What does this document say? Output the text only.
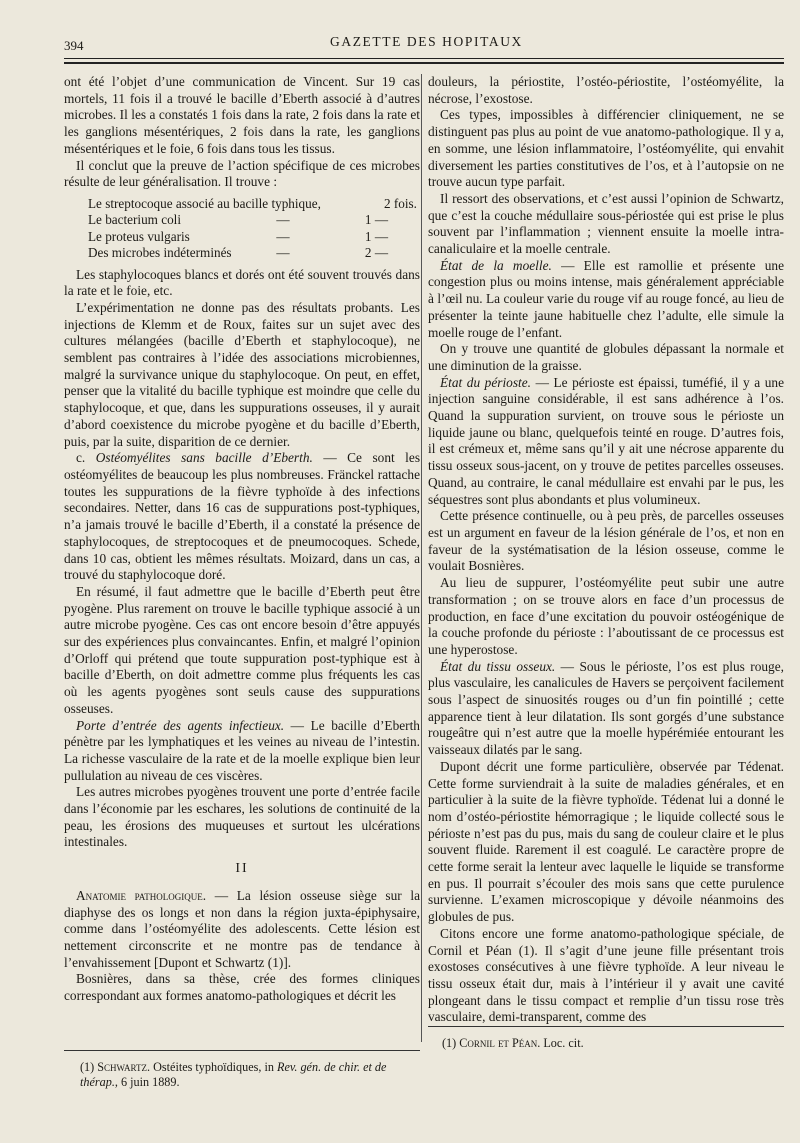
394	GAZETTE DES HOPITAUX

ont été l’objet d’une communication de Vincent. Sur 19 cas mortels, 11 fois il a trouvé le bacille d’Eberth associé à d’autres microbes. Il les a constatés 1 fois dans la rate, 2 fois dans la rate et les ganglions mésentériques, 2 fois dans la rate, les ganglions mésentériques et le foie, 6 fois dans tous les tissus.

Il conclut que la preuve de l’action spécifique de ces microbes résulte de leur généralisation. Il trouve :

Le streptocoque associé au bacille typhique,	2 fois.
Le bacterium coli	—	1 —
Le proteus vulgaris	—	1 —
Des microbes indéterminés	—	2 —

Les staphylocoques blancs et dorés ont été souvent trouvés dans la rate et le foie, etc.

L’expérimentation ne donne pas des résultats probants. Les injections de Klemm et de Roux, faites sur un sujet avec des cultures mélangées (bacille d’Eberth et staphylocoque), ne semblent pas contraires à l’idée des associations microbiennes, malgré la survivance unique du staphylocoque. On peut, en effet, penser que la vitalité du bacille typhique est moindre que celle du staphylocoque, et que, dans les suppurations osseuses, il y aurait d’abord coexistence du microbe pyogène et du bacille d’Eberth, puis, par la suite, disparition de ce dernier.

c. Ostéomyélites sans bacille d’Eberth. — Ce sont les ostéomyélites de beaucoup les plus nombreuses. Fränckel rattache toutes les suppurations de la fièvre typhoïde à des infections secondaires. Netter, dans 16 cas de suppurations post-typhiques, n’a jamais trouvé le bacille d’Eberth, il a constaté la présence de staphylocoques, de streptocoques et de pneumocoques. Schede, dans 10 cas, obtient les mêmes résultats. Moizard, dans un cas, a trouvé du staphylocoque doré.

En résumé, il faut admettre que le bacille d’Eberth peut être pyogène. Plus rarement on trouve le bacille typhique associé à un autre microbe pyogène. Ces cas ont encore besoin d’être appuyés sur des expériences plus convaincantes. Enfin, et malgré l’opinion d’Orloff qui prétend que toute suppuration post-typhique est à bacille d’Eberth, on doit admettre comme plus fréquents les cas où les agents pyogènes sont seuls cause des suppurations osseuses.

Porte d’entrée des agents infectieux. — Le bacille d’Eberth pénètre par les lymphatiques et les veines au niveau de l’intestin. La richesse vasculaire de la rate et de la moelle explique bien leur pullulation au niveau de ces viscères.

Les autres microbes pyogènes trouvent une porte d’entrée facile dans l’économie par les eschares, les solutions de continuité de la peau, les érosions des muqueuses et surtout les ulcérations intestinales.

II

Anatomie pathologique. — La lésion osseuse siège sur la diaphyse des os longs et non dans la région juxta-épiphysaire, comme dans l’ostéomyélite des adolescents. Cette lésion est nettement circonscrite et ne montre pas de tendance à l’envahissement [Dupont et Schwartz (1)].

Bosnières, dans sa thèse, crée des formes cliniques correspondant aux formes anatomo-pathologiques et décrit les

douleurs, la périostite, l’ostéo-périostite, l’ostéomyélite, la nécrose, l’exostose.

Ces types, impossibles à différencier cliniquement, ne se distinguent pas plus au point de vue anatomo-pathologique. Il y a, en somme, une lésion inflammatoire, l’ostéomyélite, qui envahit diversement les parties constitutives de l’os, et à l’autopsie on ne trouve aucun type parfait.

Il ressort des observations, et c’est aussi l’opinion de Schwartz, que c’est la couche médullaire sous-périostée qui est prise le plus souvent par l’inflammation ; viennent ensuite la moelle intra-canaliculaire et la moelle centrale.

État de la moelle. — Elle est ramollie et présente une congestion plus ou moins intense, mais généralement appréciable à l’œil nu. La couleur varie du rouge vif au rouge foncé, au lieu de présenter la teinte jaune habituelle chez l’adulte, elle simule la moelle rouge de l’enfant.

On y trouve une quantité de globules dépassant la normale et une diminution de la graisse.

État du périoste. — Le périoste est épaissi, tuméfié, il y a une injection sanguine considérable, il est sans adhérence à l’os. Quand la suppuration survient, on trouve sous le périoste un liquide jaune ou blanc, quelquefois teinté en rouge. D’autres fois, il est crémeux et, même sans qu’il y ait une nécrose apparente du tissu osseux sous-jacent, on y trouve de petites parcelles osseuses. Quand, au contraire, le canal médullaire est envahi par le pus, les séquestres sont plus abondants et plus volumineux.

Cette présence continuelle, ou à peu près, de parcelles osseuses est un argument en faveur de la lésion générale de l’os, et non en faveur de la systématisation de la lésion osseuse, comme le voulait Bosnières.

Au lieu de suppurer, l’ostéomyélite peut subir une autre transformation ; on se trouve alors en face d’un processus de production, en face d’une excitation du pouvoir ostéogénique de la couche profonde du périoste : l’aboutissant de ce processus est une hyperostose.

État du tissu osseux. — Sous le périoste, l’os est plus rouge, plus vasculaire, les canalicules de Havers se perçoivent facilement sous l’aspect de sinuosités rouges ou d’un fin pointillé ; cette apparence tient à leur dilatation. Ils sont gorgés d’une substance rougeâtre qui n’est autre que la moelle hypérémiée entourant les vaisseaux dilatés par le sang.

Dupont décrit une forme particulière, observée par Tédenat. Cette forme surviendrait à la suite de maladies générales, et en particulier à la suite de la fièvre typhoïde. Tédenat lui a donné le nom d’ostéo-périostite hémorragique ; le liquide collecté sous le périoste n’est pas du pus, mais du sang de couleur claire et le plus souvent fluide. Rarement il est coagulé. Le caractère propre de cette forme serait la lenteur avec laquelle le liquide se transforme en pus. Il pourrait s’écouler des mois sans que cette purulence survienne. L’examen microscopique y dévoile néanmoins des globules de pus.

Citons encore une forme anatomo-pathologique spéciale, de Cornil et Péan (1). Il s’agit d’une jeune fille présentant trois exostoses consécutives à une fièvre typhoïde. A leur niveau le tissu osseux était dur, mais à l’intérieur il y avait une cavité plongeant dans le tissu compact et remplie d’un tissu rose très vasculaire, demi-transparent, comme des

(1) Schwartz. Ostéites typhoïdiques, in Rev. gén. de chir. et de thérap., 6 juin 1889.
(1) Cornil et Péan. Loc. cit.
